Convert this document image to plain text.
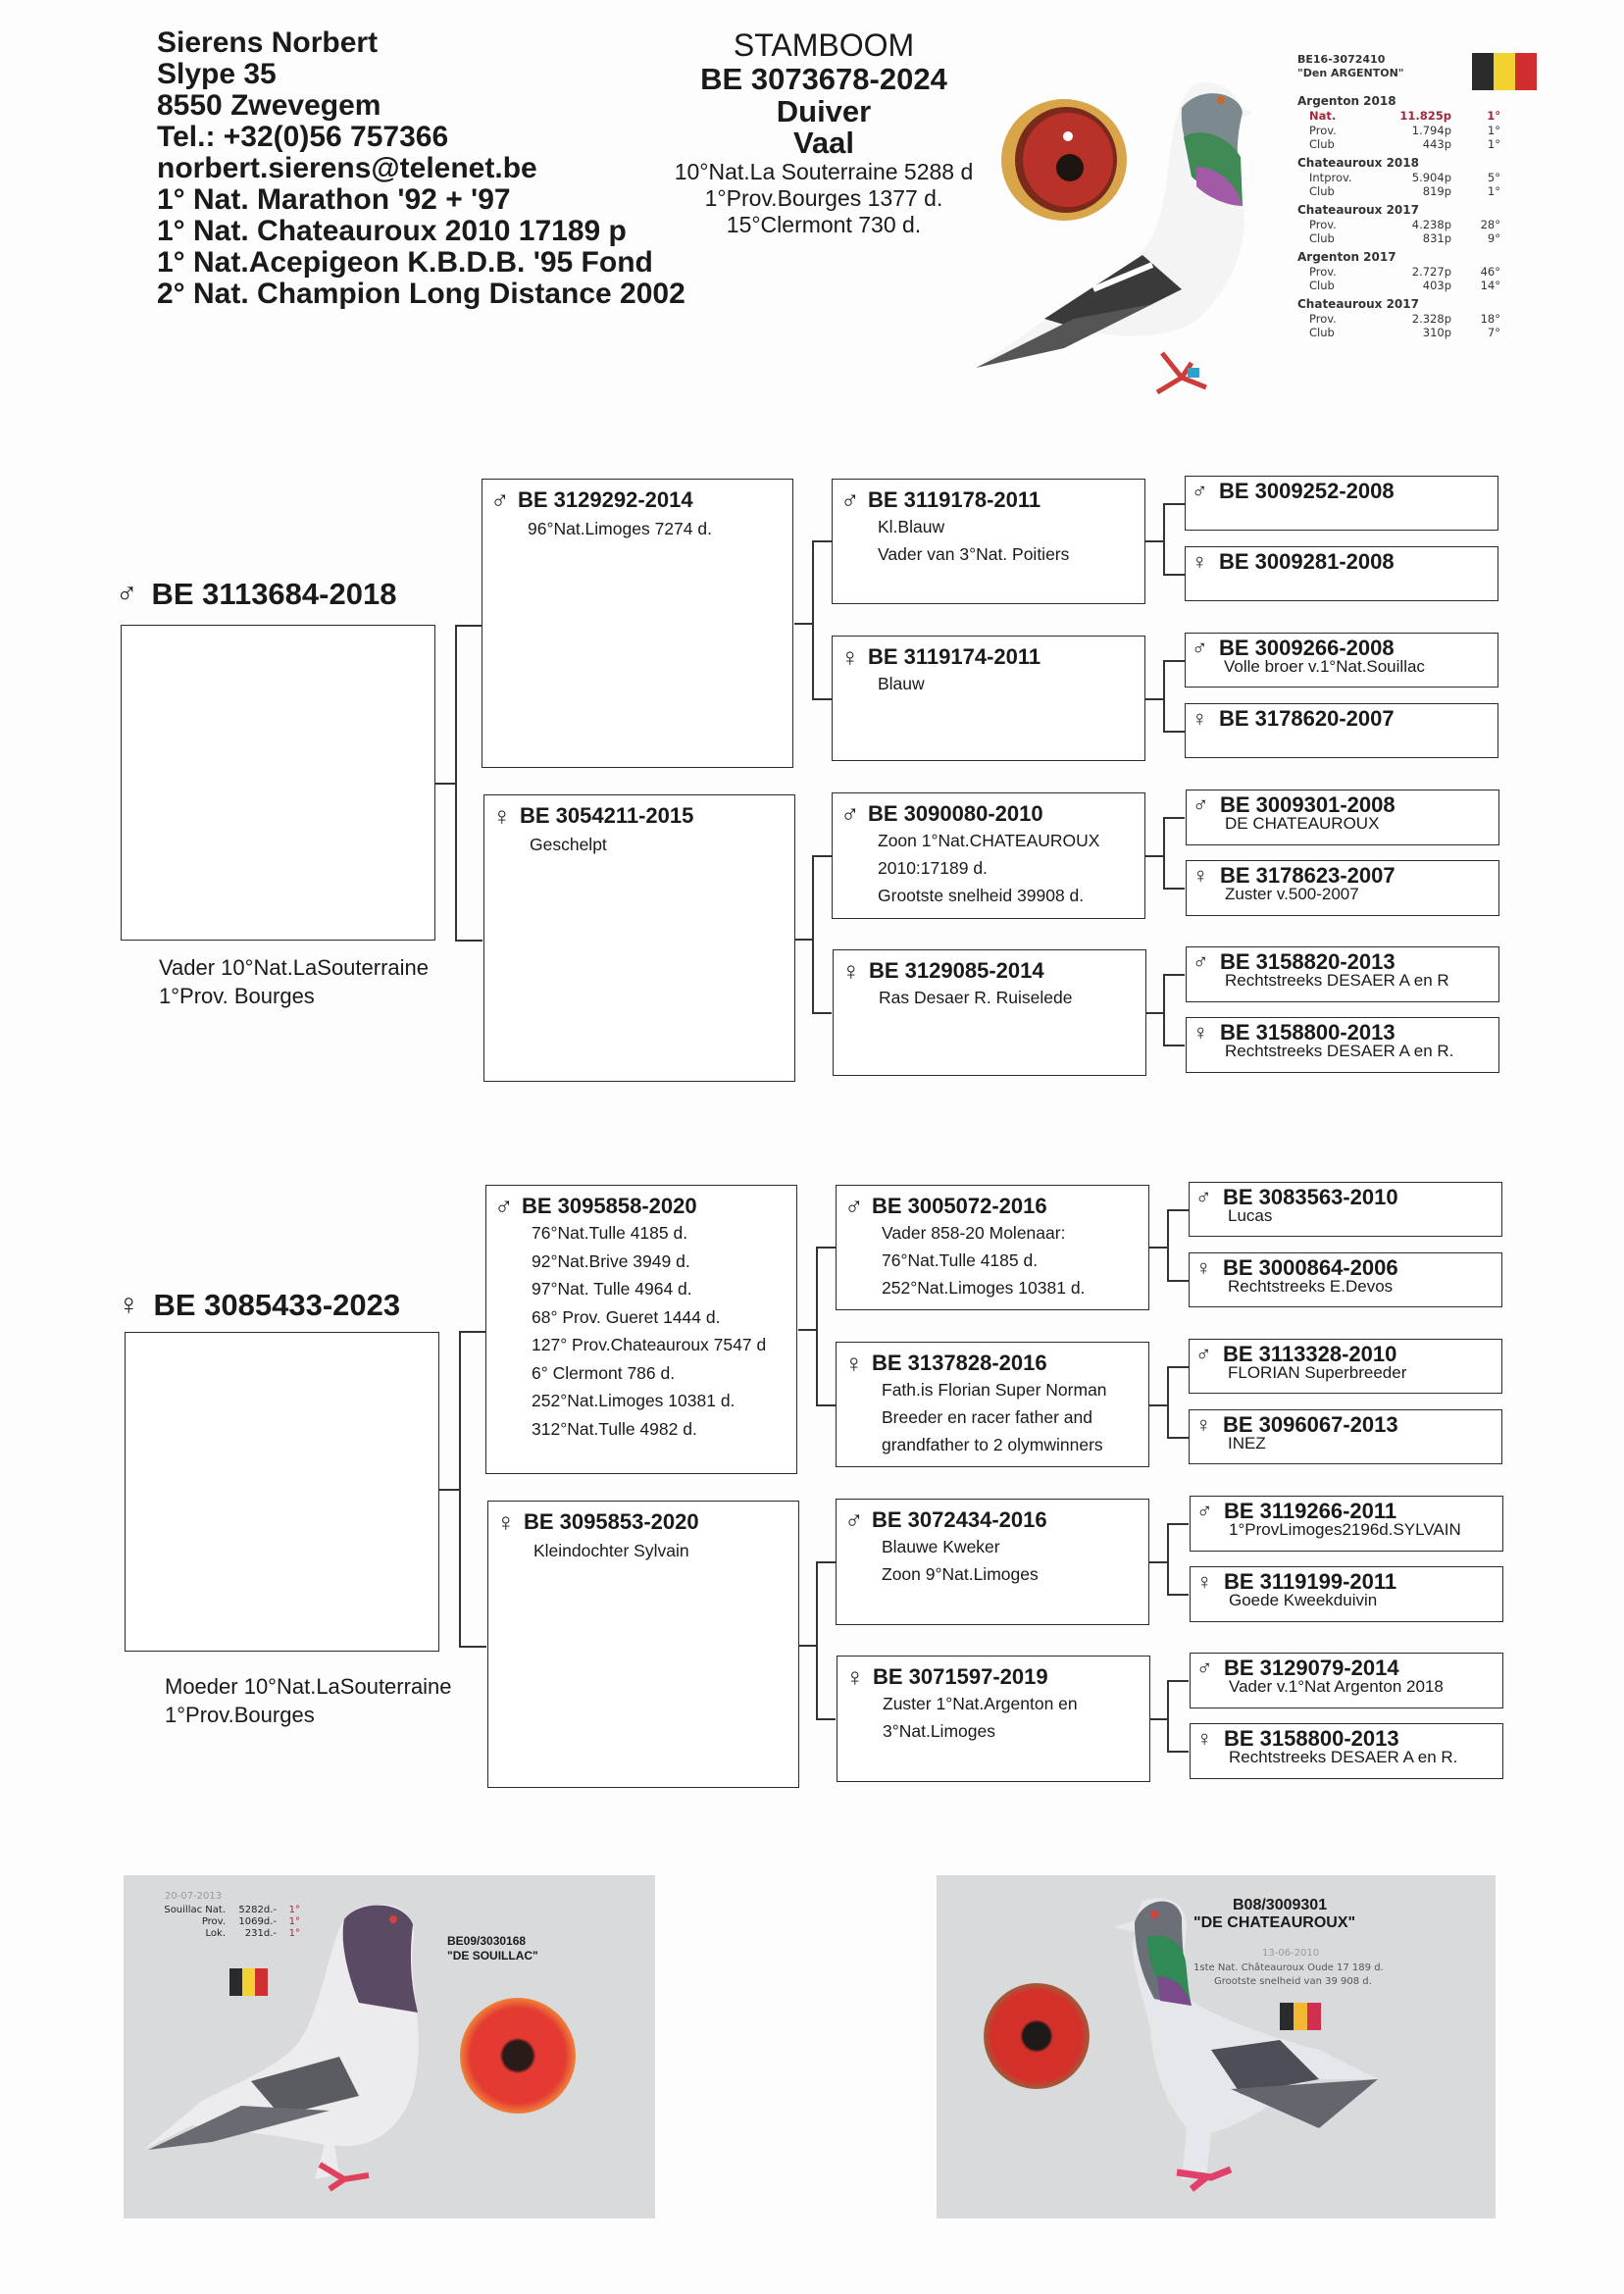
Sierens Norbert
Slype 35
8550 Zwevegem
Tel.: +32(0)56 757366
norbert.sierens@telenet.be
1° Nat. Marathon '92 + '97
1° Nat. Chateauroux 2010 17189 p
1° Nat.Acepigeon K.B.D.B. '95 Fond
2° Nat. Champion Long Distance 2002
STAMBOOM
BE 3073678-2024
Duiver
Vaal
10°Nat.La Souterraine 5288 d
1°Prov.Bourges 1377 d.
15°Clermont 730 d.
BE16-3072410
"Den ARGENTON"
Argenton 2018
Nat.	11.825p	1°
Prov.	1.794p	1°
Club	443p	1°
Chateauroux 2018
Intprov.	5.904p	5°
Club	819p	1°
Chateauroux 2017
Prov.	4.238p	28°
Club	831p	9°
Argenton 2017
Prov.	2.727p	46°
Club	403p	14°
Chateauroux 2017
Prov.	2.328p	18°
Club	310p	7°
♂ BE 3113684-2018
Vader 10°Nat.LaSouterraine
1°Prov. Bourges
♀ BE 3085433-2023
Moeder 10°Nat.LaSouterraine
1°Prov.Bourges
♂ BE 3129292-2014
96°Nat.Limoges 7274 d.
♀ BE 3054211-2015
Geschelpt
♂ BE 3119178-2011
Kl.Blauw
Vader van 3°Nat. Poitiers
♀ BE 3119174-2011
Blauw
♂ BE 3090080-2010
Zoon 1°Nat.CHATEAUROUX
2010:17189 d.
Grootste snelheid 39908 d.
♀ BE 3129085-2014
Ras Desaer R. Ruiselede
♂ BE 3009252-2008
♀ BE 3009281-2008
♂ BE 3009266-2008
Volle broer v.1°Nat.Souillac
♀ BE 3178620-2007
♂ BE 3009301-2008
DE CHATEAUROUX
♀ BE 3178623-2007
Zuster v.500-2007
♂ BE 3158820-2013
Rechtstreeks DESAER A en R
♀ BE 3158800-2013
Rechtstreeks DESAER A en R.
♂ BE 3095858-2020
76°Nat.Tulle 4185 d.
92°Nat.Brive 3949 d.
97°Nat. Tulle 4964 d.
68° Prov. Gueret 1444 d.
127° Prov.Chateauroux 7547 d
6° Clermont 786 d.
252°Nat.Limoges 10381 d.
312°Nat.Tulle 4982 d.
♀ BE 3095853-2020
Kleindochter Sylvain
♂ BE 3005072-2016
Vader 858-20 Molenaar:
76°Nat.Tulle 4185 d.
252°Nat.Limoges 10381 d.
♀ BE 3137828-2016
Fath.is Florian Super Norman
Breeder en racer father and
grandfather to 2 olymwinners
♂ BE 3072434-2016
Blauwe Kweker
Zoon 9°Nat.Limoges
♀ BE 3071597-2019
Zuster 1°Nat.Argenton en
3°Nat.Limoges
♂ BE 3083563-2010
Lucas
♀ BE 3000864-2006
Rechtstreeks E.Devos
♂ BE 3113328-2010
FLORIAN Superbreeder
♀ BE 3096067-2013
INEZ
♂ BE 3119266-2011
1°ProvLimoges2196d.SYLVAIN
♀ BE 3119199-2011
Goede Kweekduivin
♂ BE 3129079-2014
Vader v.1°Nat Argenton 2018
♀ BE 3158800-2013
Rechtstreeks DESAER A en R.
20-07-2013
Souillac Nat.	5282d.-	1°
Prov.	1069d.-	1°
Lok.	231d.-	1°
BE09/3030168
"DE SOUILLAC"
B08/3009301
"DE CHATEAUROUX"
13-06-2010
1ste Nat. Châteauroux Oude 17 189 d.
Grootste snelheid van 39 908 d.
